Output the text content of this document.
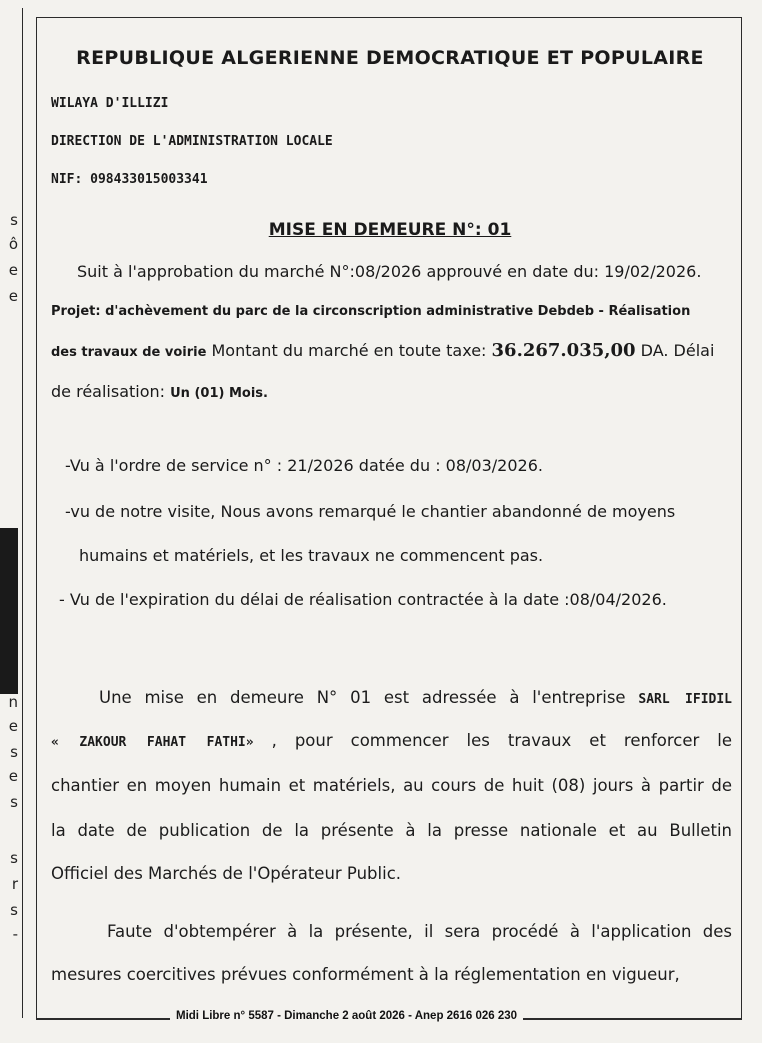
s
ô
e
e
n
e
s
e
s
s
r
s
-
REPUBLIQUE ALGERIENNE DEMOCRATIQUE ET POPULAIRE
WILAYA D'ILLIZI
DIRECTION DE L'ADMINISTRATION LOCALE
NIF: 098433015003341
MISE EN DEMEURE N°: 01
Suit à l'approbation du marché N°:08/2026 approuvé en date du: 19/02/2026.
Projet: d'achèvement du parc de la circonscription administrative Debdeb - Réalisation
des travaux de voirie Montant du marché en toute taxe: 36.267.035,00 DA. Délai
de réalisation: Un (01) Mois.
-Vu à l'ordre de service n° : 21/2026 datée du : 08/03/2026.
-vu de notre visite, Nous avons remarqué le chantier abandonné de moyens
humains et matériels, et les travaux ne commencent pas.
- Vu de l'expiration du délai de réalisation contractée à la date :08/04/2026.
Une mise en demeure N° 01 est adressée à l'entreprise SARL IFIDIL
« ZAKOUR FAHAT FATHI» , pour commencer les travaux et renforcer le
chantier en moyen humain et matériels, au cours de huit (08) jours à partir de
la date de publication de la présente à la presse nationale et au Bulletin
Officiel des Marchés de l'Opérateur Public.
Faute d'obtempérer à la présente, il sera procédé à l'application des
mesures coercitives prévues conformément à la réglementation en vigueur,
Midi Libre n° 5587 - Dimanche 2 août 2026 - Anep 2616 026 230
